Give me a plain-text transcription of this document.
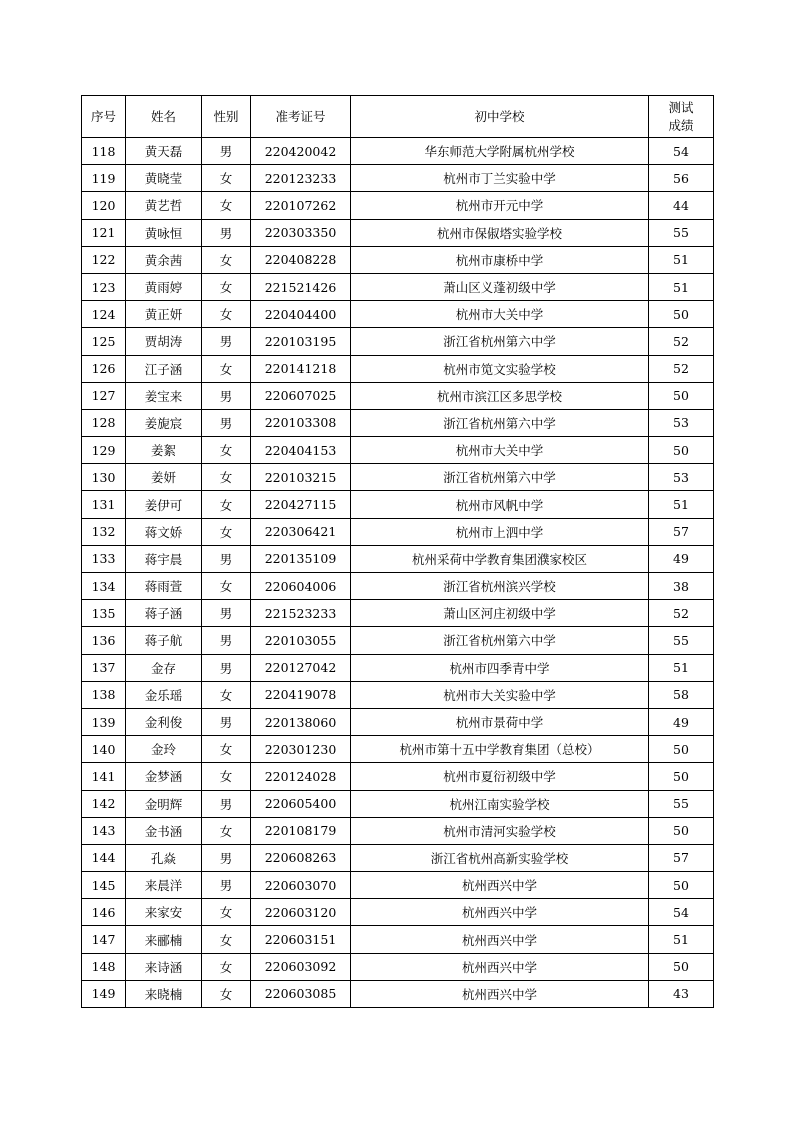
序号	姓名	性别	准考证号	初中学校	测试
成绩
118	黄天磊	男	220420042	华东师范大学附属杭州学校	54
119	黄晓莹	女	220123233	杭州市丁兰实验中学	56
120	黄艺哲	女	220107262	杭州市开元中学	44
121	黄咏恒	男	220303350	杭州市保俶塔实验学校	55
122	黄余茜	女	220408228	杭州市康桥中学	51
123	黄雨婷	女	221521426	萧山区义蓬初级中学	51
124	黄正妍	女	220404400	杭州市大关中学	50
125	贾胡涛	男	220103195	浙江省杭州第六中学	52
126	江子涵	女	220141218	杭州市笕文实验学校	52
127	姜宝来	男	220607025	杭州市滨江区多思学校	50
128	姜旎宸	男	220103308	浙江省杭州第六中学	53
129	姜絮	女	220404153	杭州市大关中学	50
130	姜妍	女	220103215	浙江省杭州第六中学	53
131	姜伊可	女	220427115	杭州市风帆中学	51
132	蒋文娇	女	220306421	杭州市上泗中学	57
133	蒋宇晨	男	220135109	杭州采荷中学教育集团濮家校区	49
134	蒋雨萱	女	220604006	浙江省杭州滨兴学校	38
135	蒋子涵	男	221523233	萧山区河庄初级中学	52
136	蒋子航	男	220103055	浙江省杭州第六中学	55
137	金存	男	220127042	杭州市四季青中学	51
138	金乐瑶	女	220419078	杭州市大关实验中学	58
139	金利俊	男	220138060	杭州市景荷中学	49
140	金玲	女	220301230	杭州市第十五中学教育集团（总校）	50
141	金梦涵	女	220124028	杭州市夏衍初级中学	50
142	金明辉	男	220605400	杭州江南实验学校	55
143	金书涵	女	220108179	杭州市清河实验学校	50
144	孔焱	男	220608263	浙江省杭州高新实验学校	57
145	来晨洋	男	220603070	杭州西兴中学	50
146	来家安	女	220603120	杭州西兴中学	54
147	来郦楠	女	220603151	杭州西兴中学	51
148	来诗涵	女	220603092	杭州西兴中学	50
149	来晓楠	女	220603085	杭州西兴中学	43
